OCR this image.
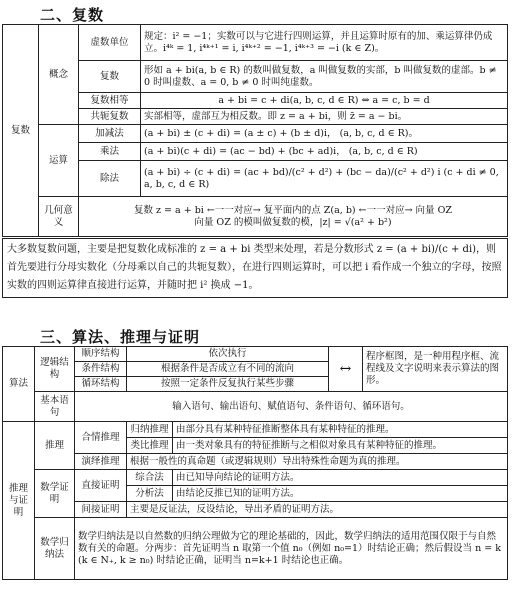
二、复数
复数	概念	虚数单位	规定：i² = −1；实数可以与它进行四则运算，并且运算时原有的加、乘运算律仍成立。i⁴ᵏ = 1, i⁴ᵏ⁺¹ = i, i⁴ᵏ⁺² = −1, i⁴ᵏ⁺³ = −i (k ∈ Z)。
		复数	形如 a + bi(a, b ∈ R) 的数叫做复数，a 叫做复数的实部，b 叫做复数的虚部。b ≠ 0 时叫虚数、a = 0, b ≠ 0 时叫纯虚数。
		复数相等	a + bi = c + di(a, b, c, d ∈ R) ⇔ a = c, b = d
		共轭复数	实部相等，虚部互为相反数。即 z = a + bi，则 z̄ = a − bi。
	运算	加减法	(a + bi) ± (c + di) = (a ± c) + (b ± d)i， (a, b, c, d ∈ R)。
		乘法	(a + bi)(c + di) = (ac − bd) + (bc + ad)i， (a, b, c, d ∈ R)
		除法	(a + bi) ÷ (c + di) = (ac + bd)/(c² + d²) + (bc − da)/(c² + d²) i (c + di ≠ 0, a, b, c, d ∈ R)
	几何意义	复数 z = a + bi ←一一对应→ 复平面内的点 Z(a, b) ←一一对应→ 向量 OZ
向量 OZ 的模叫做复数的模，|z| = √(a² + b²)	
大多数复数问题，主要是把复数化成标准的 z = a + bi 类型来处理，若是分数形式 z = (a + bi)/(c + di)，则首先要进行分母实数化（分母乘以自己的共轭复数），在进行四则运算时，可以把 i 看作成一个独立的字母，按照实数的四则运算律直接进行运算，并随时把 i² 换成 −1。
三、算法、推理与证明
算法	逻辑结构	顺序结构	依次执行		↔	程序框图，是一种用程序框、流程线及文字说明来表示算法的图形。
		条件结构	根据条件是否成立有不同的流向			
		循环结构	按照一定条件反复执行某些步骤			
	基本语句	输入语句、输出语句、赋值语句、条件语句、循环语句。				
推理与证明	推理	合情推理	归纳推理	由部分具有某种特征推断整体具有某种特征的推理。		
			类比推理	由一类对象具有的特征推断与之相似对象具有某种特征的推理。		
		演绎推理	根据一般性的真命题（或逻辑规则）导出特殊性命题为真的推理。			
	数学证明	直接证明	综合法	由已知导向结论的证明方法。		
			分析法	由结论反推已知的证明方法。		
		间接证明	主要是反证法，反设结论，导出矛盾的证明方法。			
	数学归纳法	数学归纳法是以自然数的归纳公理做为它的理论基础的，因此，数学归纳法的适用范围仅限于与自然数有关的命题。分两步：首先证明当 n 取第一个值 n₀（例如 n₀=1）时结论正确；然后假设当 n = k (k ∈ N₊, k ≥ n₀) 时结论正确，证明当 n=k+1 时结论也正确。				
